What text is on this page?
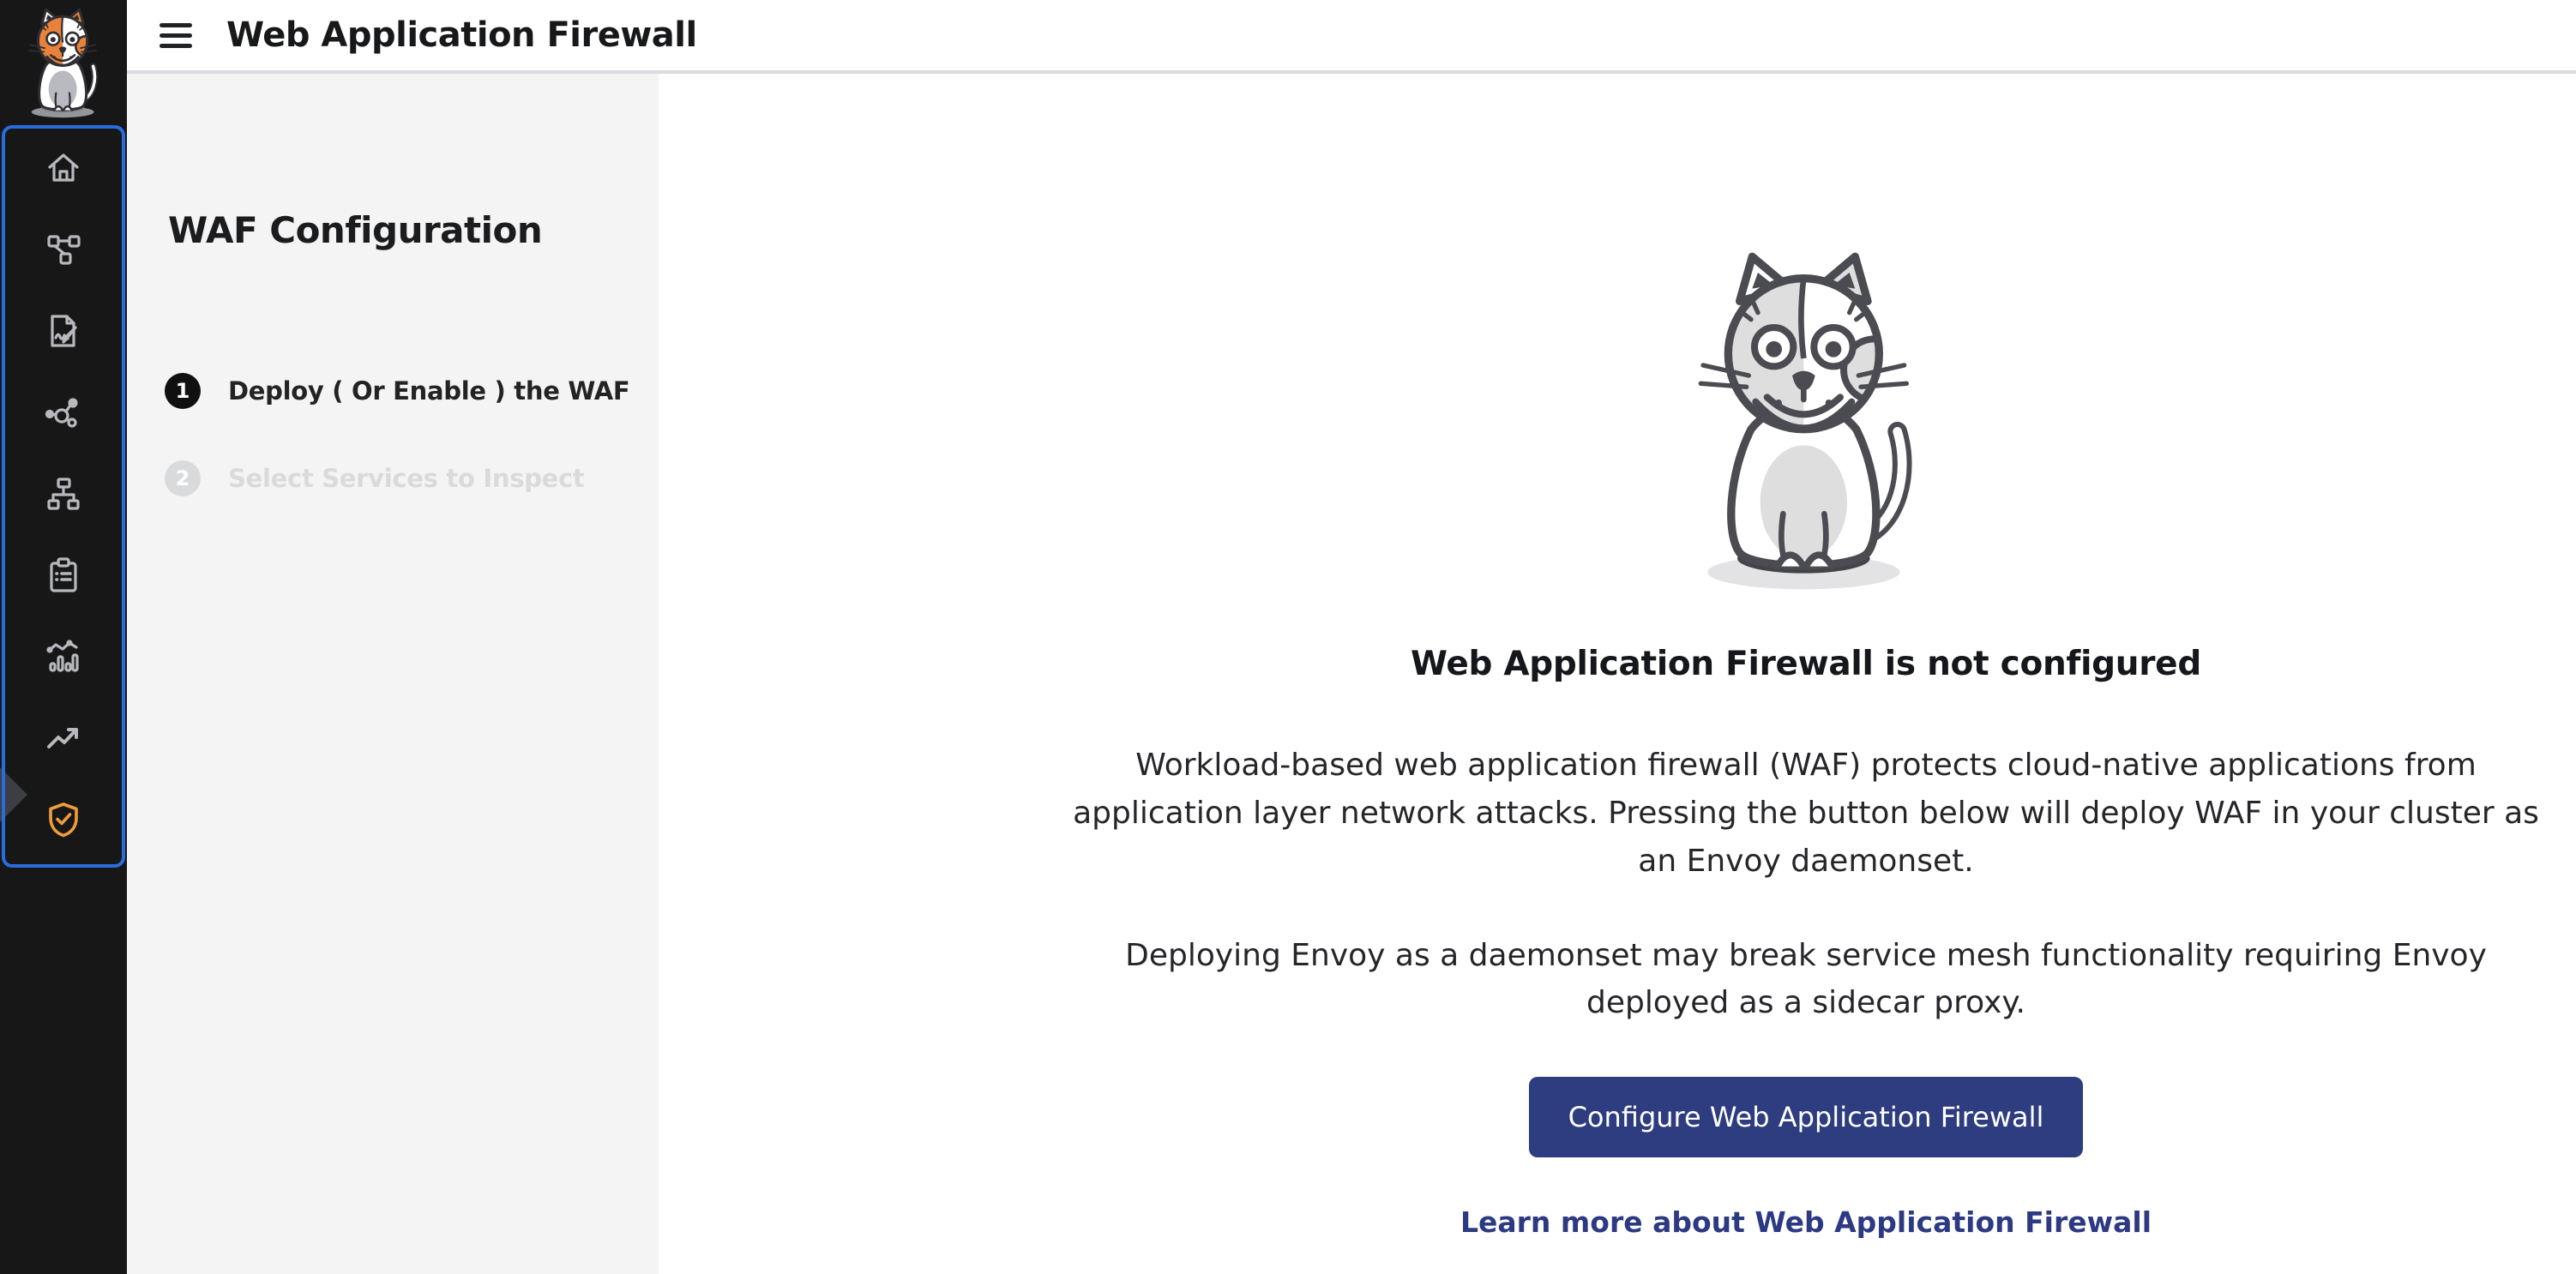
Web Application Firewall
WAF Configuration
1	Deploy ( Or Enable ) the WAF
2	Select Services to Inspect
Web Application Firewall is not configured

Workload-based web application firewall (WAF) protects cloud-native applications from application layer network attacks. Pressing the button below will deploy WAF in your cluster as an Envoy daemonset.

Deploying Envoy as a daemonset may break service mesh functionality requiring Envoy deployed as a sidecar proxy.

Configure Web Application Firewall
Learn more about Web Application Firewall
